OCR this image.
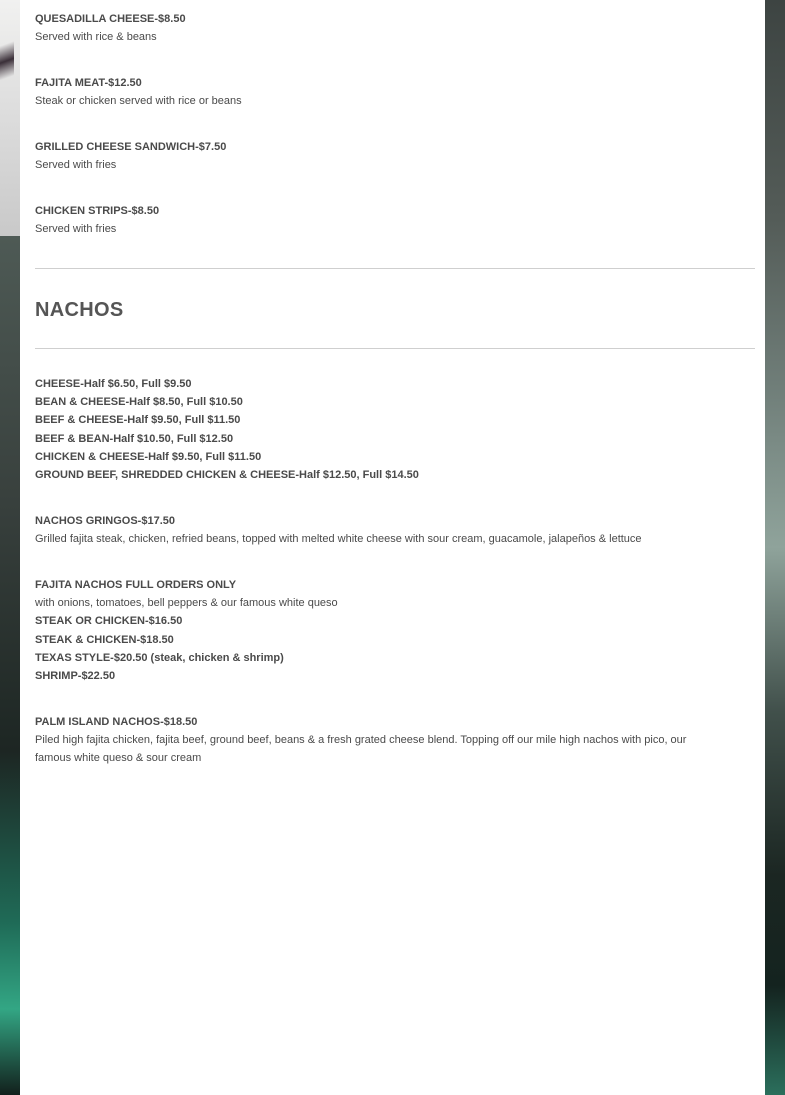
QUESADILLA CHEESE-$8.50
Served with rice & beans

FAJITA MEAT-$12.50
Steak or chicken served with rice or beans

GRILLED CHEESE SANDWICH-$7.50
Served with fries

CHICKEN STRIPS-$8.50
Served with fries

NACHOS
CHEESE-Half $6.50, Full $9.50
BEAN & CHEESE-Half $8.50, Full $10.50
BEEF & CHEESE-Half $9.50, Full $11.50
BEEF & BEAN-Half $10.50, Full $12.50
CHICKEN & CHEESE-Half $9.50, Full $11.50
GROUND BEEF, SHREDDED CHICKEN & CHEESE-Half $12.50, Full $14.50
NACHOS GRINGOS-$17.50
Grilled fajita steak, chicken, refried beans, topped with melted white cheese with sour cream, guacamole, jalapeños & lettuce
FAJITA NACHOS FULL ORDERS ONLY
with onions, tomatoes, bell peppers & our famous white queso
STEAK OR CHICKEN-$16.50
STEAK & CHICKEN-$18.50
TEXAS STYLE-$20.50 (steak, chicken & shrimp)
SHRIMP-$22.50
PALM ISLAND NACHOS-$18.50
Piled high fajita chicken, fajita beef, ground beef, beans & a fresh grated cheese blend. Topping off our mile high nachos with pico, our
famous white queso & sour cream
